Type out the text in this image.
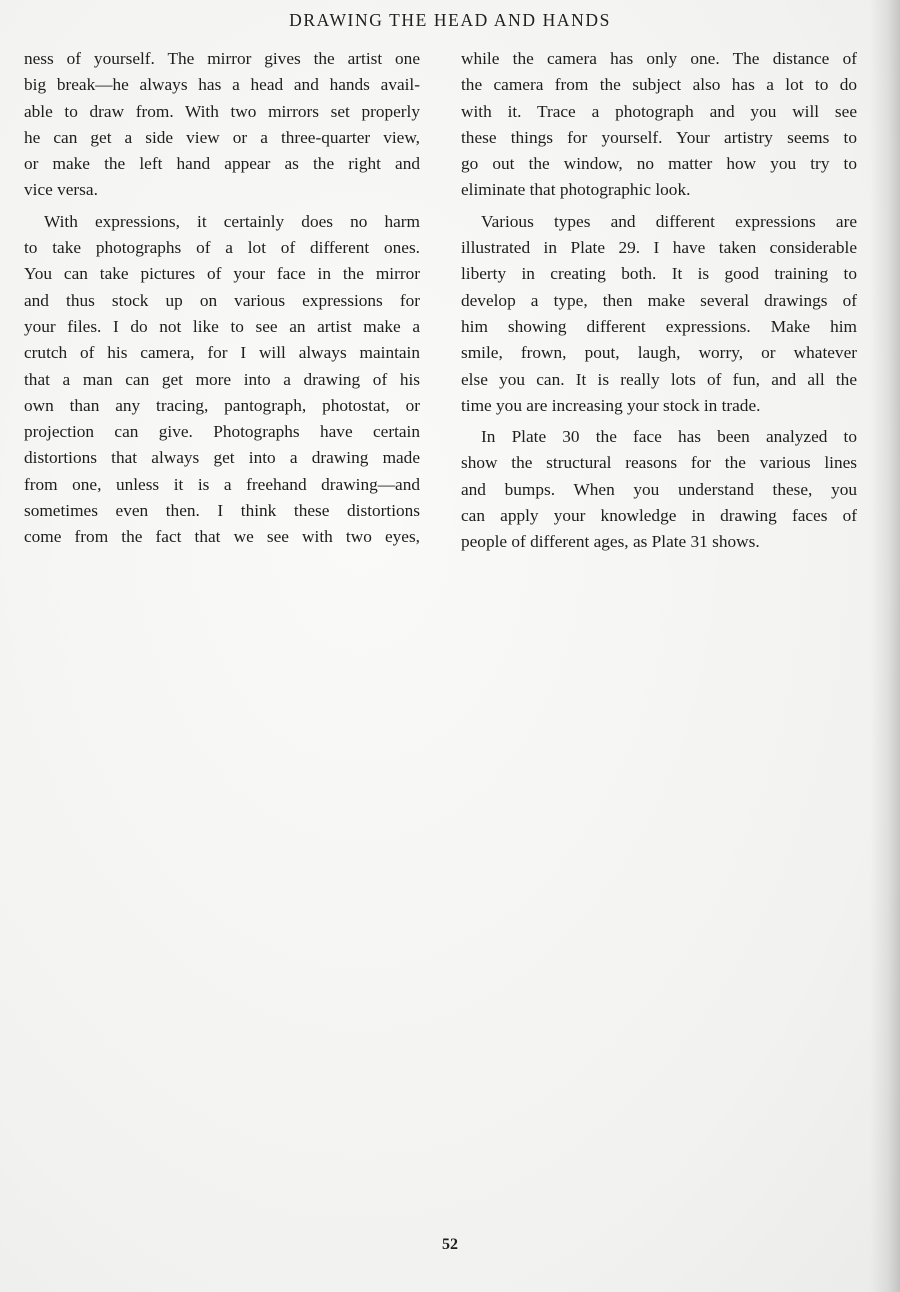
DRAWING THE HEAD AND HANDS
ness of yourself. The mirror gives the artist one
big break—he always has a head and hands avail-
able to draw from. With two mirrors set properly
he can get a side view or a three-quarter view,
or make the left hand appear as the right and
vice versa.
With expressions, it certainly does no harm
to take photographs of a lot of different ones.
You can take pictures of your face in the mirror
and thus stock up on various expressions for
your files. I do not like to see an artist make a
crutch of his camera, for I will always maintain
that a man can get more into a drawing of his
own than any tracing, pantograph, photostat, or
projection can give. Photographs have certain
distortions that always get into a drawing made
from one, unless it is a freehand drawing—and
sometimes even then. I think these distortions
come from the fact that we see with two eyes,
while the camera has only one. The distance of
the camera from the subject also has a lot to do
with it. Trace a photograph and you will see
these things for yourself. Your artistry seems to
go out the window, no matter how you try to
eliminate that photographic look.
Various types and different expressions are
illustrated in Plate 29. I have taken considerable
liberty in creating both. It is good training to
develop a type, then make several drawings of
him showing different expressions. Make him
smile, frown, pout, laugh, worry, or whatever
else you can. It is really lots of fun, and all the
time you are increasing your stock in trade.
In Plate 30 the face has been analyzed to
show the structural reasons for the various lines
and bumps. When you understand these, you
can apply your knowledge in drawing faces of
people of different ages, as Plate 31 shows.
52
